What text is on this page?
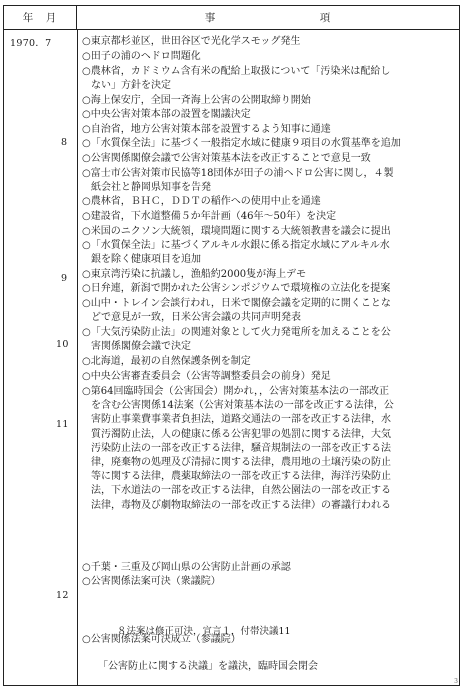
年　月	事　　　　　　　　　項
1970．7
8
9
10
11
12
○東京都杉並区，世田谷区で光化学スモッグ発生
○田子の浦のヘドロ問題化
○農林省，カドミウム含有米の配給上取扱について「汚染米は配給し
ない」方針を決定
○海上保安庁，全国一斉海上公害の公開取締り開始
○中央公害対策本部の設置を閣議決定
○自治省，地方公害対策本部を設置するよう知事に通達
○「水質保全法」に基づく一般指定水域に健康９項目の水質基準を追加
○公害関係閣僚会議で公害対策基本法を改正することで意見一致
○富士市公害対策市民協等18団体が田子の浦ヘドロ公害に関し，４製
紙会社と静岡県知事を告発
○農林省，ＢＨＣ，ＤＤＴの稲作への使用中止を通達
○建設省，下水道整備５か年計画（46年～50年）を決定
○米国のニクソン大統領，環境問題に関する大統領教書を議会に提出
○「水質保全法」に基づくアルキル水銀に係る指定水域にアルキル水
銀を除く健康項目を追加
○東京湾汚染に抗議し，漁船約2000隻が海上デモ
○日弁連，新潟で開かれた公害シンポジウムで環境権の立法化を提案
○山中・トレイン会談行われ，日米で閣僚会議を定期的に開くことな
どで意見が一致，日米公害会議の共同声明発表
○「大気汚染防止法」の関連対象として火力発電所を加えることを公
害関係閣僚会議で決定
○北海道，最初の自然保護条例を制定
○中央公害審査委員会（公害等調整委員会の前身）発足
○第64回臨時国会（公害国会）開かれ，，公害対策基本法の一部改正
を含む公害関係14法案（公害対策基本法の一部を改正する法律，公
害防止事業費事業者負担法，道路交通法の一部を改正する法律，水
質汚濁防止法，人の健康に係る公害犯罪の処罰に関する法律，大気
汚染防止法の一部を改正する法律，騒音規制法の一部を改正する法
律，廃棄物の処理及び清掃に関する法律，農用地の土壌汚染の防止
等に関する法律，農薬取締法の一部を改正する法律，海洋汚染防止
法，下水道法の一部を改正する法律，自然公園法の一部を改正する
法律，毒物及び劇物取締法の一部を改正する法律）の審議行われる
○千葉・三重及び岡山県の公害防止計画の承認
○公害関係法案可決（衆議院）
○公害関係法案可決成立（参議院）
８法案は修正可決，宣言１，付帯決議11
「公害防止に関する決議」を議決，臨時国会閉会
3
